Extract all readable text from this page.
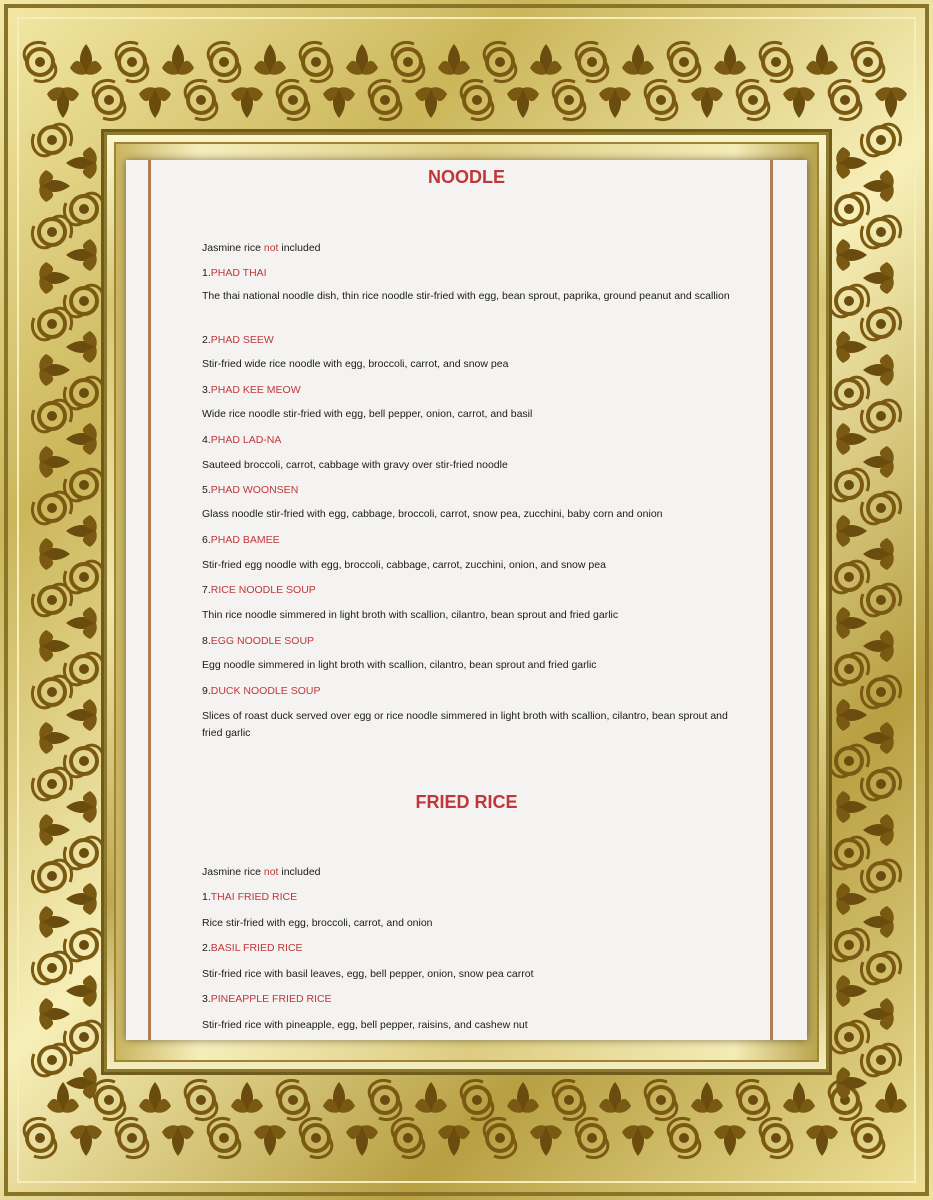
NOODLE
Jasmine rice not included
1.PHAD THAI
The thai national noodle dish, thin rice noodle stir-fried with egg, bean sprout, paprika, ground peanut and scallion
2.PHAD SEEW
Stir-fried wide rice noodle with egg, broccoli, carrot, and snow pea
3.PHAD KEE MEOW
Wide rice noodle stir-fried with egg, bell pepper, onion, carrot, and basil
4.PHAD LAD-NA
Sauteed broccoli, carrot, cabbage with gravy over stir-fried noodle
5.PHAD WOONSEN
Glass noodle stir-fried with egg, cabbage, broccoli, carrot, snow pea, zucchini, baby corn and onion
6.PHAD BAMEE
Stir-fried egg noodle with egg, broccoli, cabbage, carrot, zucchini, onion, and snow pea
7.RICE NOODLE SOUP
Thin rice noodle simmered in light broth with scallion, cilantro, bean sprout and fried garlic
8.EGG NOODLE SOUP
Egg noodle simmered in light broth with scallion, cilantro, bean sprout and fried garlic
9.DUCK NOODLE SOUP
Slices of roast duck served over egg or rice noodle simmered in light broth with scallion, cilantro, bean sprout and fried garlic
FRIED RICE
Jasmine rice not included
1.THAI FRIED RICE
Rice stir-fried with egg, broccoli, carrot, and onion
2.BASIL FRIED RICE
Stir-fried rice with basil leaves, egg, bell pepper, onion, snow pea carrot
3.PINEAPPLE FRIED RICE
Stir-fried rice with pineapple, egg, bell pepper, raisins, and cashew nut
